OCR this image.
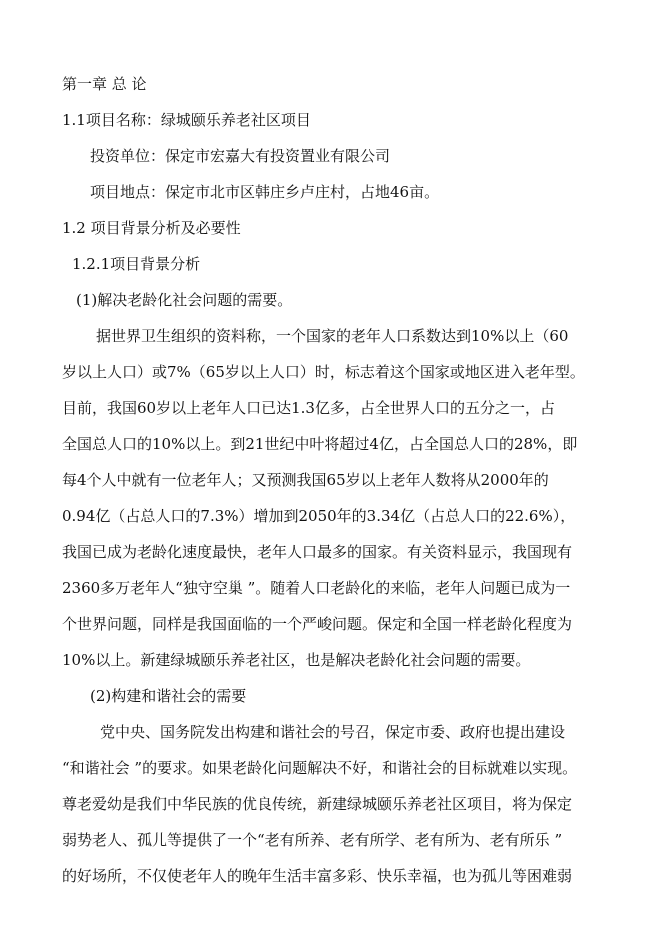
第一章 总 论
1.1项目名称：绿城颐乐养老社区项目
投资单位：保定市宏嘉大有投资置业有限公司
项目地点：保定市北市区韩庄乡卢庄村，占地46亩。
1.2 项目背景分析及必要性
1.2.1项目背景分析
(1)解决老龄化社会问题的需要。
据世界卫生组织的资料称，一个国家的老年人口系数达到10%以上（60
岁以上人口）或7%（65岁以上人口）时，标志着这个国家或地区进入老年型。
目前，我国60岁以上老年人口已达1.3亿多，占全世界人口的五分之一，占
全国总人口的10%以上。到21世纪中叶将超过4亿，占全国总人口的28%，即
每4个人中就有一位老年人；又预测我国65岁以上老年人数将从2000年的
0.94亿（占总人口的7.3%）增加到2050年的3.34亿（占总人口的22.6%），
我国已成为老龄化速度最快，老年人口最多的国家。有关资料显示，我国现有
2360多万老年人“独守空巢 ”。随着人口老龄化的来临，老年人问题已成为一
个世界问题，同样是我国面临的一个严峻问题。保定和全国一样老龄化程度为
10%以上。新建绿城颐乐养老社区，也是解决老龄化社会问题的需要。
(2)构建和谐社会的需要
党中央、国务院发出构建和谐社会的号召，保定市委、政府也提出建设
“和谐社会 ”的要求。如果老龄化问题解决不好，和谐社会的目标就难以实现。
尊老爱幼是我们中华民族的优良传统，新建绿城颐乐养老社区项目，将为保定
弱势老人、孤儿等提供了一个“老有所养、老有所学、老有所为、老有所乐 ”
的好场所，不仅使老年人的晚年生活丰富多彩、快乐幸福，也为孤儿等困难弱
